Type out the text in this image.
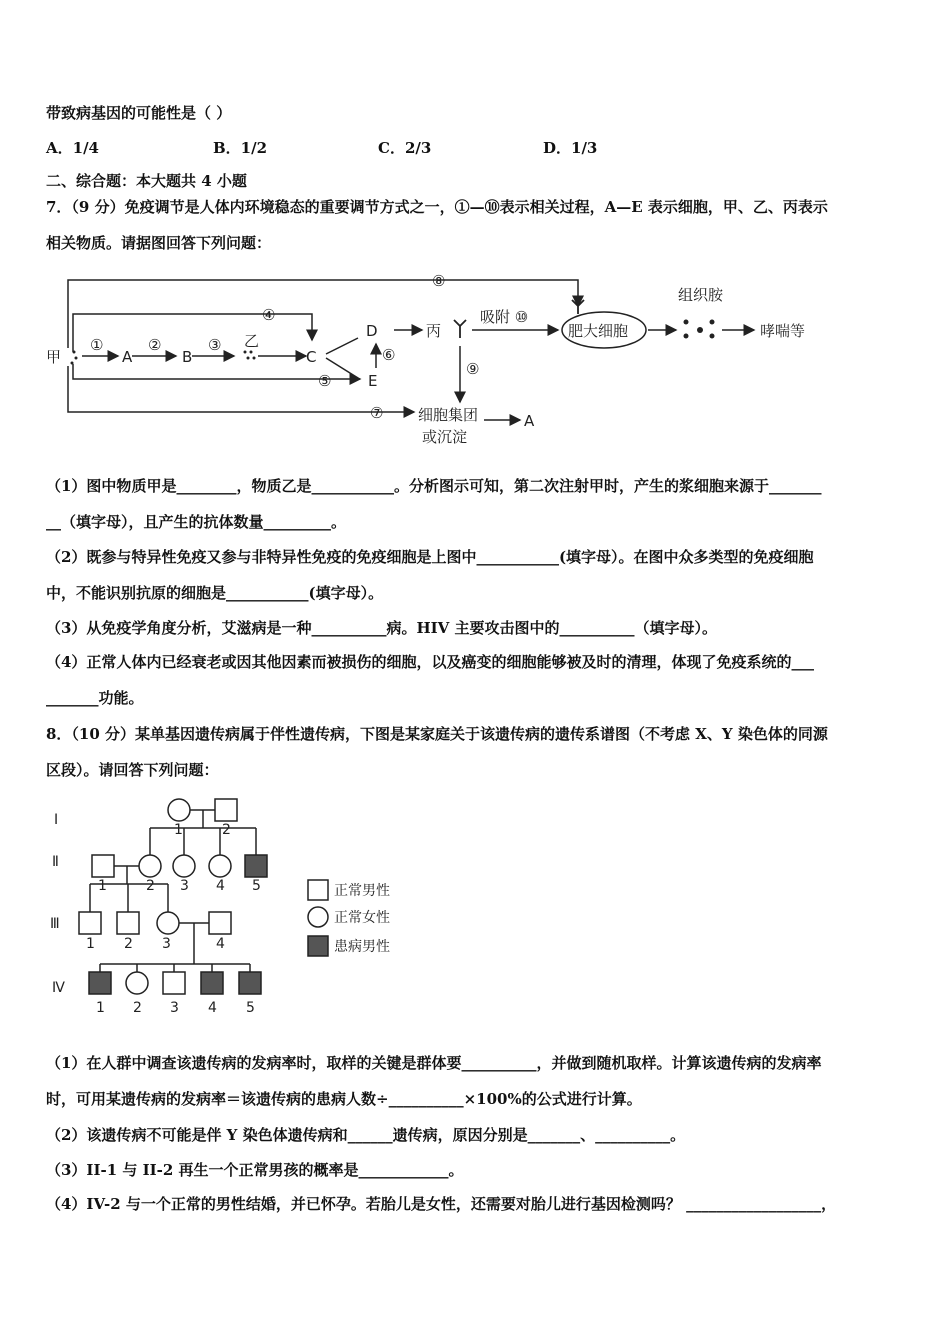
带致病基因的可能性是（ ）
A．1/4	B．1/2	C．2/3	D．1/3
二、综合题：本大题共 4 小题
7．（9 分）免疫调节是人体内环境稳态的重要调节方式之一，①—⑩表示相关过程，A—E 表示细胞，甲、乙、丙表示
相关物质。请据图回答下列问题：
甲
①
A
②
B
③ 乙
C
④
D
E
⑥
⑤
丙
吸附 ⑩
肥大细胞
组织胺
哮喘等
⑧
⑨
⑦ 细胞集团
或沉淀
A
（1）图中物质甲是________，物质乙是___________。分析图示可知，第二次注射甲时，产生的浆细胞来源于_______
__（填字母），且产生的抗体数量_________。
（2）既参与特异性免疫又参与非特异性免疫的免疫细胞是上图中___________(填字母）。在图中众多类型的免疫细胞
中，不能识别抗原的细胞是___________(填字母）。
（3）从免疫学角度分析，艾滋病是一种__________病。HIV 主要攻击图中的__________（填字母）。
（4）正常人体内已经衰老或因其他因素而被损伤的细胞，以及癌变的细胞能够被及时的清理，体现了免疫系统的___
_______功能。
8．（10 分）某单基因遗传病属于伴性遗传病，下图是某家庭关于该遗传病的遗传系谱图（不考虑 X、Y 染色体的同源
区段）。请回答下列问题：
Ⅰ
Ⅱ
Ⅲ
Ⅳ
1	2
1	2 3 4 5
1 2 3	4
1 2 3 4 5
正常男性
正常女性
患病男性
（1）在人群中调查该遗传病的发病率时，取样的关键是群体要__________，并做到随机取样。计算该遗传病的发病率
时，可用某遗传病的发病率＝该遗传病的患病人数÷__________×100%的公式进行计算。
（2）该遗传病不可能是伴 Y 染色体遗传病和______遗传病，原因分别是_______、__________。
（3）II-1 与 II-2 再生一个正常男孩的概率是____________。
（4）IV-2 与一个正常的男性结婚，并已怀孕。若胎儿是女性，还需要对胎儿进行基因检测吗？ __________________，
